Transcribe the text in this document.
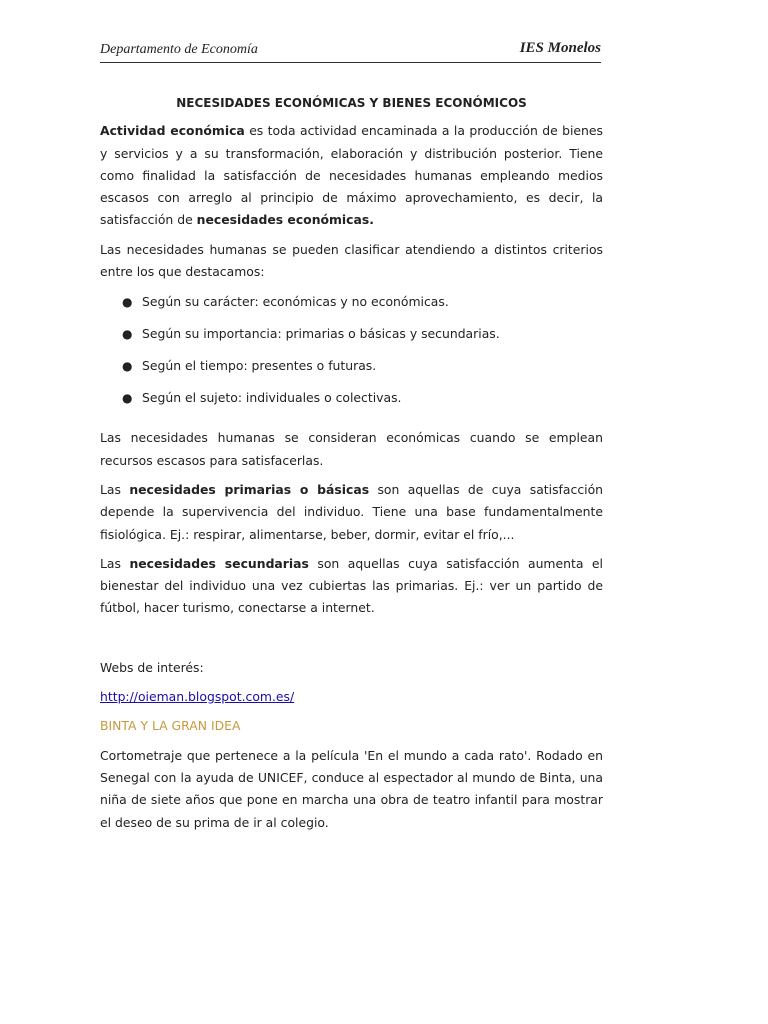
Departamento de Economía	IES Monelos
NECESIDADES ECONÓMICAS Y BIENES ECONÓMICOS

Actividad económica es toda actividad encaminada a la producción de bienes y servicios y a su transformación, elaboración y distribución posterior. Tiene como finalidad la satisfacción de necesidades humanas empleando medios escasos con arreglo al principio de máximo aprovechamiento, es decir, la satisfacción de necesidades económicas.

Las necesidades humanas se pueden clasificar atendiendo a distintos criterios entre los que destacamos:

● Según su carácter: económicas y no económicas.
● Según su importancia: primarias o básicas y secundarias.
● Según el tiempo: presentes o futuras.
● Según el sujeto: individuales o colectivas.

Las necesidades humanas se consideran económicas cuando se emplean recursos escasos para satisfacerlas.

Las necesidades primarias o básicas son aquellas de cuya satisfacción depende la supervivencia del individuo. Tiene una base fundamentalmente fisiológica. Ej.: respirar, alimentarse, beber, dormir, evitar el frío,...

Las necesidades secundarias son aquellas cuya satisfacción aumenta el bienestar del individuo una vez cubiertas las primarias. Ej.: ver un partido de fútbol, hacer turismo, conectarse a internet.

Webs de interés:

http://oieman.blogspot.com.es/

BINTA Y LA GRAN IDEA

Cortometraje que pertenece a la película 'En el mundo a cada rato'. Rodado en Senegal con la ayuda de UNICEF, conduce al espectador al mundo de Binta, una niña de siete años que pone en marcha una obra de teatro infantil para mostrar el deseo de su prima de ir al colegio.
